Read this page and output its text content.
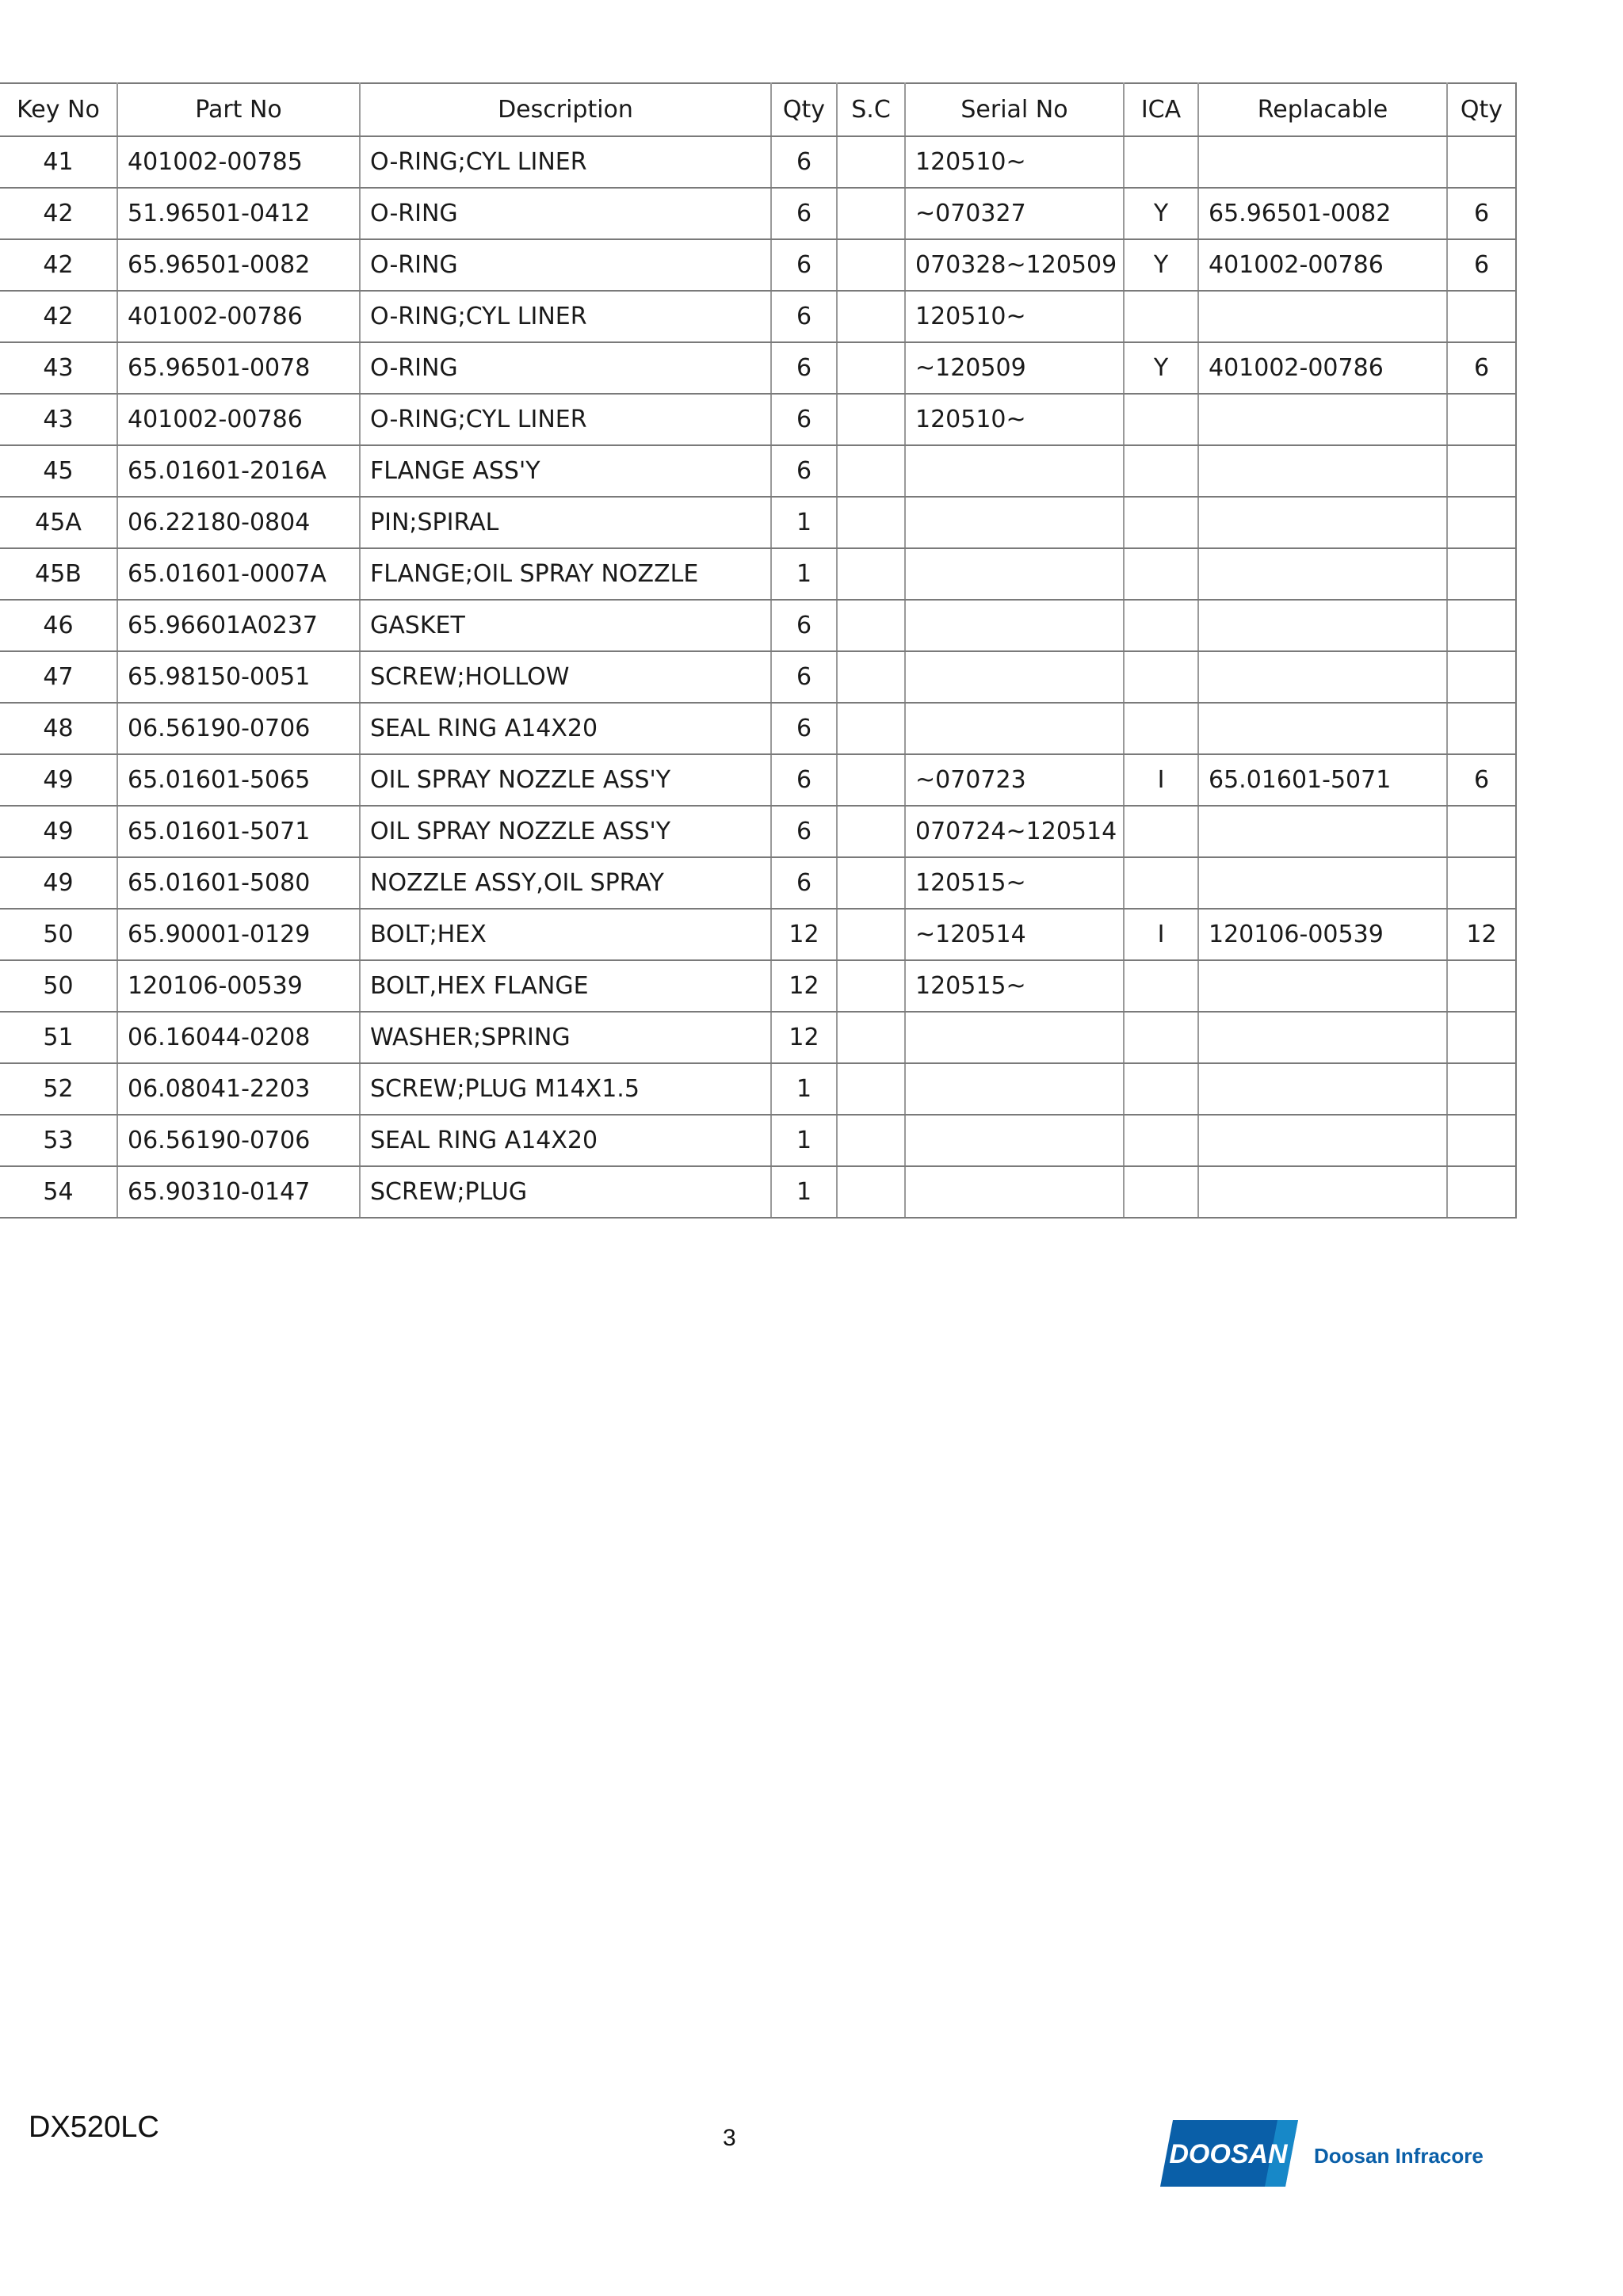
Key No	Part No	Description	Qty	S.C	Serial No	ICA	Replacable	Qty
41	401002-00785	O-RING;CYL LINER	6		120510~			
42	51.96501-0412	O-RING	6		~070327	Y	65.96501-0082	6
42	65.96501-0082	O-RING	6		070328~120509	Y	401002-00786	6
42	401002-00786	O-RING;CYL LINER	6		120510~			
43	65.96501-0078	O-RING	6		~120509	Y	401002-00786	6
43	401002-00786	O-RING;CYL LINER	6		120510~			
45	65.01601-2016A	FLANGE ASS'Y	6					
45A	06.22180-0804	PIN;SPIRAL	1					
45B	65.01601-0007A	FLANGE;OIL SPRAY NOZZLE	1					
46	65.96601A0237	GASKET	6					
47	65.98150-0051	SCREW;HOLLOW	6					
48	06.56190-0706	SEAL RING A14X20	6					
49	65.01601-5065	OIL SPRAY NOZZLE ASS'Y	6		~070723	I	65.01601-5071	6
49	65.01601-5071	OIL SPRAY NOZZLE ASS'Y	6		070724~120514			
49	65.01601-5080	NOZZLE ASSY,OIL SPRAY	6		120515~			
50	65.90001-0129	BOLT;HEX	12		~120514	I	120106-00539	12
50	120106-00539	BOLT,HEX FLANGE	12		120515~			
51	06.16044-0208	WASHER;SPRING	12					
52	06.08041-2203	SCREW;PLUG M14X1.5	1					
53	06.56190-0706	SEAL RING A14X20	1					
54	65.90310-0147	SCREW;PLUG	1					
DX520LC	3
DOOSAN Doosan Infracore
